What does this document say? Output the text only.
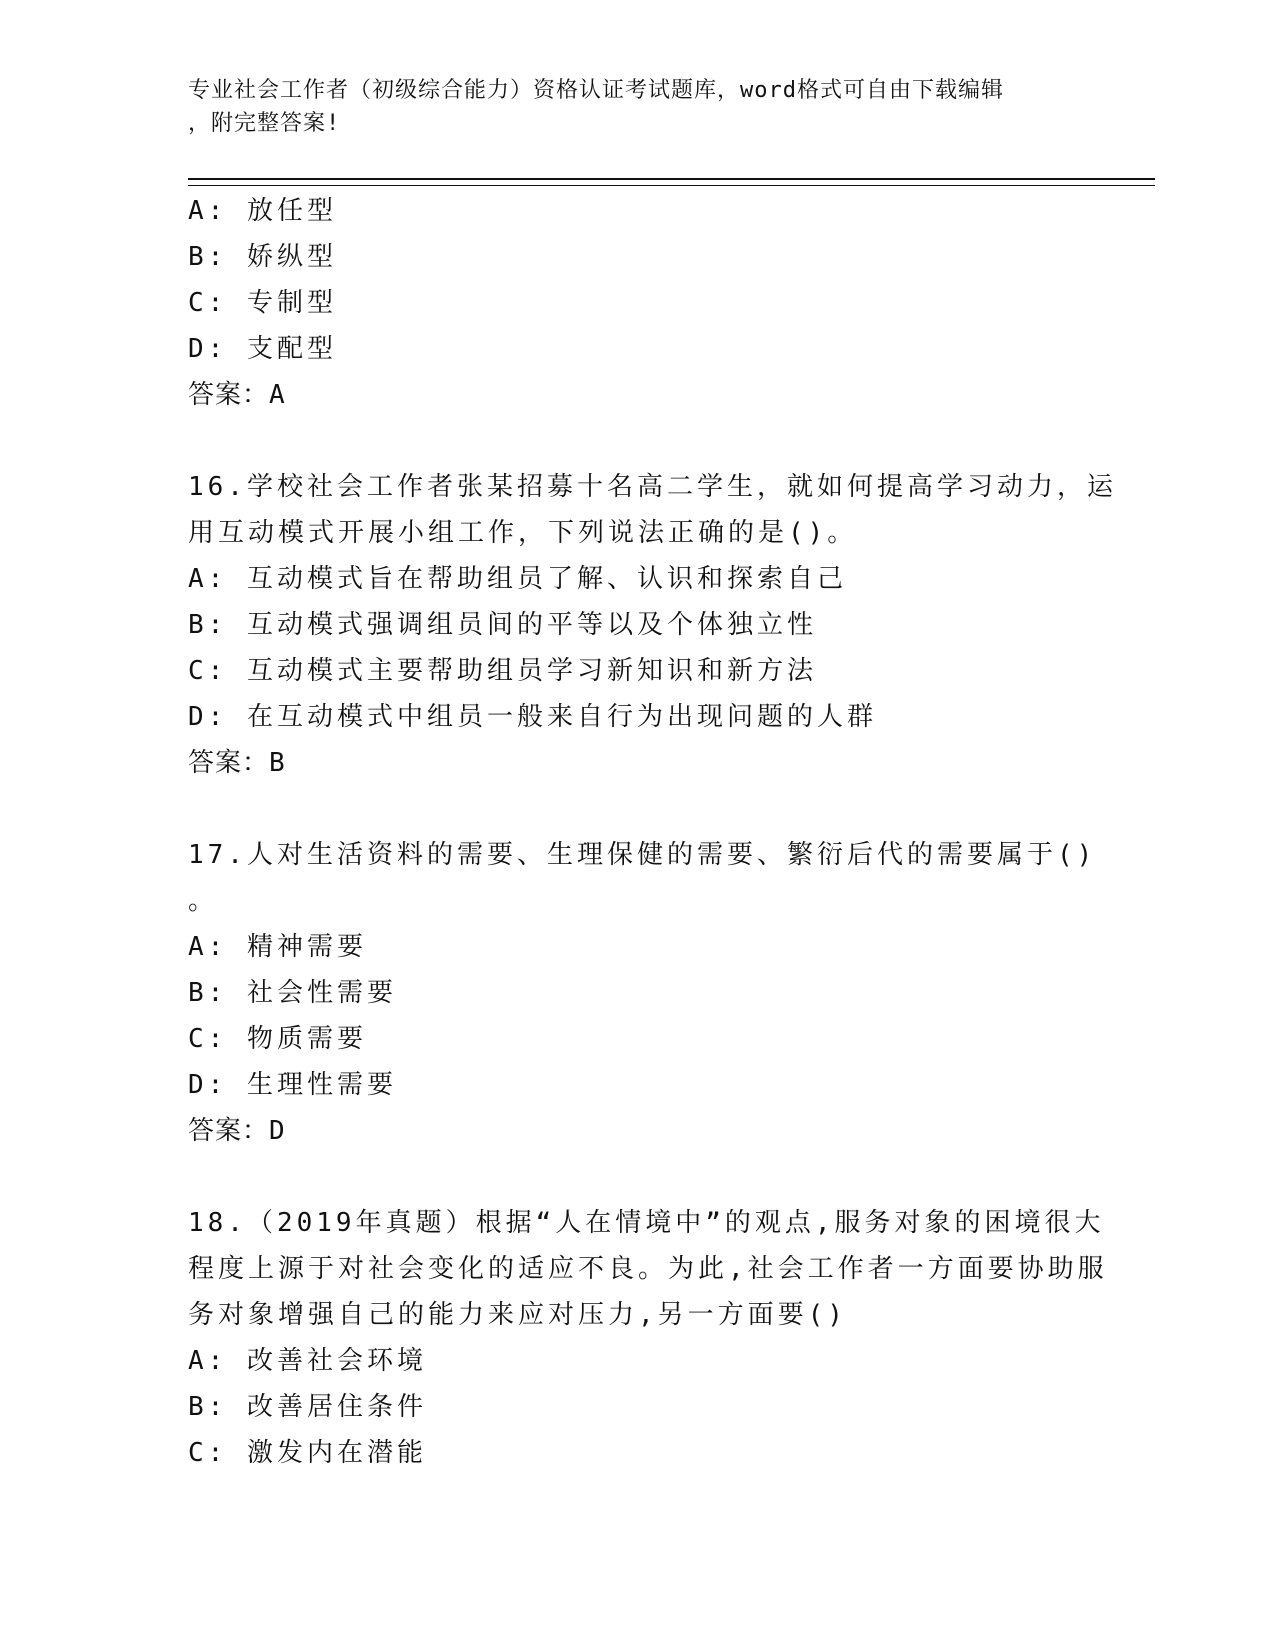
专业社会工作者（初级综合能力）资格认证考试题库，word格式可自由下载编辑
，附完整答案!
A: 放任型
B: 娇纵型
C: 专制型
D: 支配型
答案：A
16.学校社会工作者张某招募十名高二学生，就如何提高学习动力，运
用互动模式开展小组工作，下列说法正确的是()。
A: 互动模式旨在帮助组员了解、认识和探索自己
B: 互动模式强调组员间的平等以及个体独立性
C: 互动模式主要帮助组员学习新知识和新方法
D: 在互动模式中组员一般来自行为出现问题的人群
答案：B
17.人对生活资料的需要、生理保健的需要、繁衍后代的需要属于()
。
A: 精神需要
B: 社会性需要
C: 物质需要
D: 生理性需要
答案：D
18.（2019年真题）根据“人在情境中”的观点,服务对象的困境很大
程度上源于对社会变化的适应不良。为此,社会工作者一方面要协助服
务对象增强自己的能力来应对压力,另一方面要()
A: 改善社会环境
B: 改善居住条件
C: 激发内在潜能
